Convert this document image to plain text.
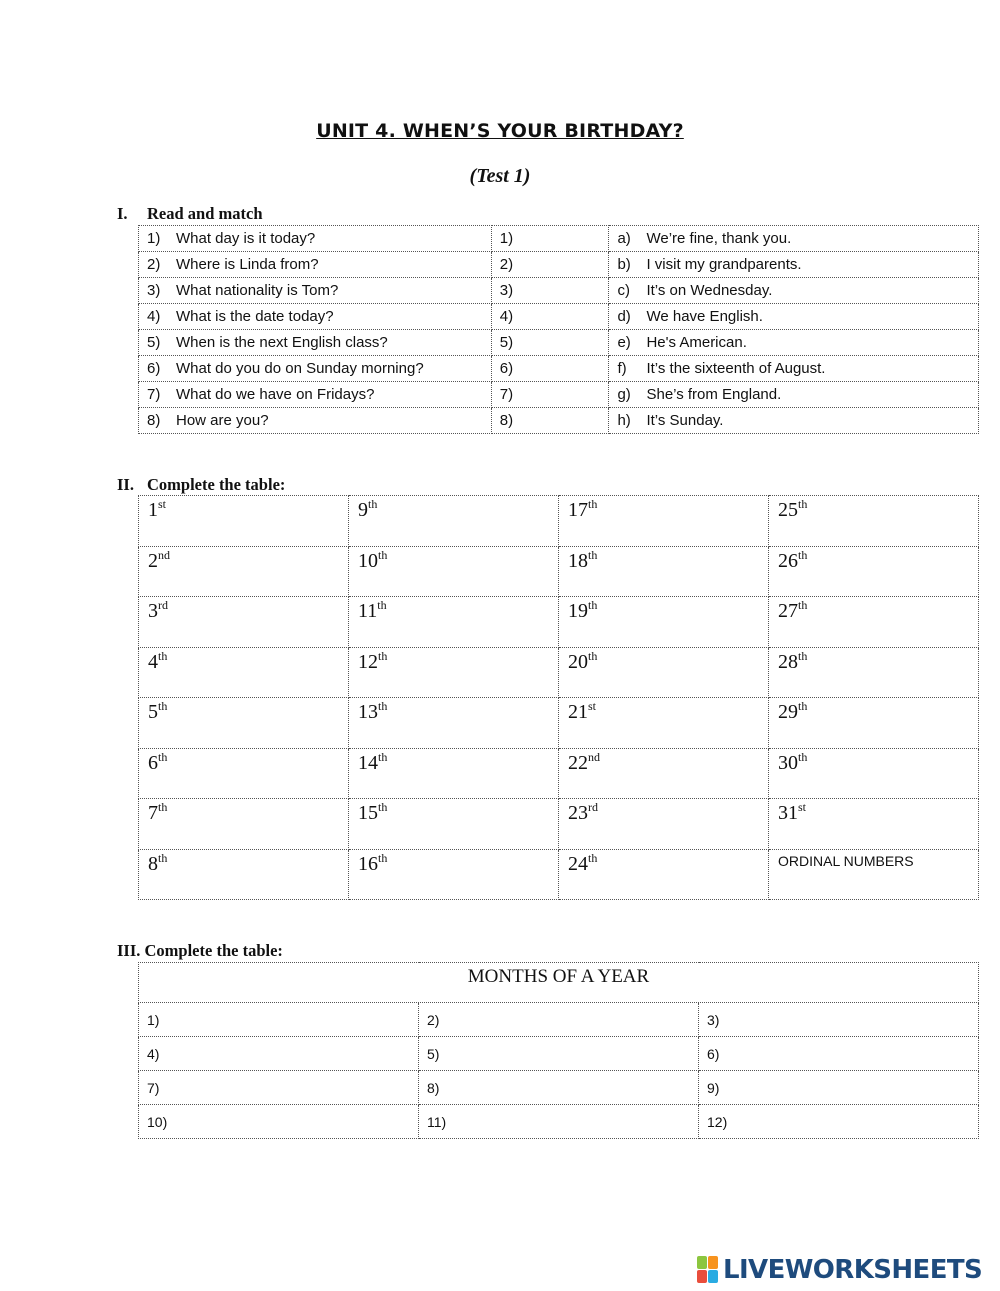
UNIT 4. WHEN’S YOUR BIRTHDAY?
(Test 1)
I. Read and match
1) What day is it today?	1)	a) We’re fine, thank you.
2) Where is Linda from?	2)	b) I visit my grandparents.
3) What nationality is Tom?	3)	c) It’s on Wednesday.
4) What is the date today?	4)	d) We have English.
5) When is the next English class?	5)	e) He's American.
6) What do you do on Sunday morning?	6)	f) It’s the sixteenth of August.
7) What do we have on Fridays?	7)	g) She’s from England.
8) How are you?	8)	h) It’s Sunday.
II. Complete the table:
1st	9th	17th	25th
2nd	10th	18th	26th
3rd	11th	19th	27th
4th	12th	20th	28th
5th	13th	21st	29th
6th	14th	22nd	30th
7th	15th	23rd	31st
8th	16th	24th	ORDINAL NUMBERS
III. Complete the table:
MONTHS OF A YEAR		
1)	2)	3)
4)	5)	6)
7)	8)	9)
10)	11)	12)
LIVEWORKSHEETS
